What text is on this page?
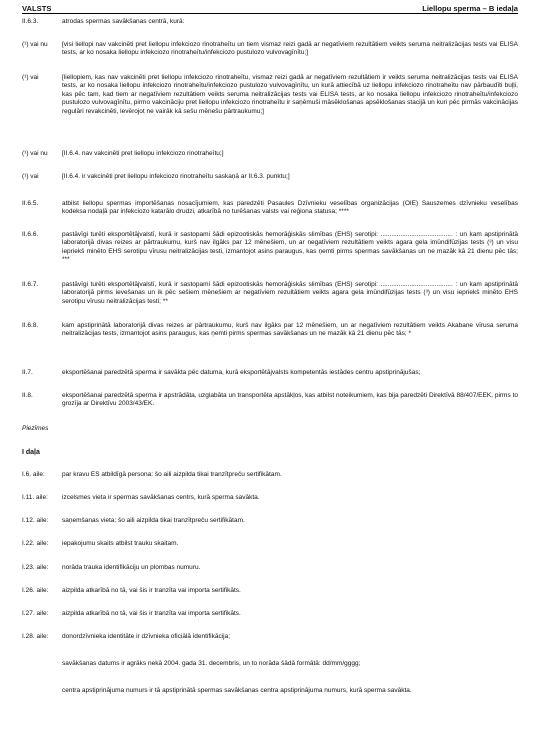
VALSTS	Liellopu sperma – B iedaļa
II.6.3.	atrodas spermas savākšanas centrā, kurā:
(¹) vai nu	[visi liellopi nav vakcinēti pret liellopu infekciozo rinotraheītu un tiem vismaz reizi gadā ar negatīviem rezultātiem veikts seruma neitralizācijas tests vai ELISA tests, ar ko nosaka liellopu infekciozo rinotraheītu/infekciozo pustulozo vulvovagīnītu;]
(¹) vai	[liellopiem, kas nav vakcinēti pret liellopu infekciozo rinotraheītu, vismaz reizi gadā ar negatīviem rezultātiem ir veikts seruma neitralizācijas tests vai ELISA tests, ar ko nosaka liellopu infekciozo rinotraheītu/infekciozo pustulozo vulvovagīnītu, un kurā attiecībā uz liellopu infekciozo rinotraheītu nav pārbaudīti buļļi, kas pēc tam, kad tiem ar negatīviem rezultātiem veikts seruma neitralizācijas tests vai ELISA tests, ar ko nosaka liellopu infekciozo rinotraheītu/infekciozo pustulozo vulvovagīnītu, pirmo vakcināciju pret liellopu infekciozo rinotraheītu ir saņēmuši māsēklošanas apsēklošanas stacijā un kuri pēc pirmās vakcinācijas regulāri revakcinēti, levērojot ne vairāk kā sešu mēnešu pārtraukumu;]
(¹) vai nu	[II.6.4. nav vakcinēti pret liellopu infekciozo rinotraheītu;]
(¹) vai	[II.6.4. ir vakcinēti pret liellopu infekciozo rinotraheītu saskaņā ar II.6.3. punktu;]
II.6.5.	atbilst liellopu spermas importēšanas nosacījumiem, kas paredzēti Pasaules Dzīvnieku veselības organizācijas (OIE) Sauszemes dzīvnieku veselības kodeksa nodaļā par infekciozo katarālo drudzi, atkarībā no turēšanas valsts vai reģiona statusa; ****
II.6.6.	pastāvīgi turēti eksportētājvalstī, kurā ir sastopami šādi epizootiskās hemorāģiskās slimības (EHS) serotipi: ........................................ : un kam apstiprinātā laboratorijā divas reizes ar pārtraukumu, kurš nav ilgāks par 12 mēnešiem, un ar negatīviem rezultātiem veikts agara gela imūndifūzijas tests (³) un visu iepriekš minēto EHS serotipu vīrusu neitralizācijas testi, izmantojot asins paraugus, kas ņemti pirms spermas savākšanas un ne mazāk kā 21 dienu pēc tās; ***
II.6.7.	pastāvīgi turēti eksportētājvalstī, kurā ir sastopami šādi epizootiskās hemorāģiskās slimības (EHS) serotipi: ........................................ : un kam apstiprinātā laboratorijā pirms ievešanas un ik pēc sešiem mēnešiem ar negatīviem rezultātiem veikts agara gela imūndifūzijas tests (³) un visu iepriekš minēto EHS serotipu vīrusu neitralizācijas testi; **
II.6.8.	kam apstiprinātā laboratorijā divas reizes ar pārtraukumu, kurš nav ilgāks par 12 mēnešiem, un ar negatīviem rezultātiem veikts Akabane vīrusa seruma neitralizācijas tests, izmantojot asins paraugus, kas ņemti pirms spermas savākšanas un ne mazāk kā 21 dienu pēc tās; *
II.7.	eksportēšanai paredzētā sperma ir savākta pēc datuma, kurā eksportētājvalsts kompetentās iestādes centru apstiprinājušas;
II.8.	eksportēšanai paredzētā sperma ir apstrādāta, uzglabāta un transportēta apstākļos, kas atbilst noteikumiem, kas bija paredzēti Direktīvā 88/407/EEK, pirms to grozīja ar Direktīvu 2003/43/EK.
Piezīmes
I daļa
I.6. aile:	par kravu ES atbildīgā persona: šo aili aizpilda tikai tranzītpreču sertifikātam.
I.11. aile:	izcelsmes vieta ir spermas savākšanas centrs, kurā sperma savākta.
I.12. aile:	saņemšanas vieta: šo aili aizpilda tikai tranzītpreču sertifikātam.
I.22. aile:	iepakojumu skaits atbilst trauku skaitam.
I.23. aile:	norāda trauka identifikāciju un plombas numuru.
I.26. aile:	aizpilda atkarībā no tā, vai šis ir tranzīta vai importa sertifikāts.
I.27. aile:	aizpilda atkarībā no tā, vai šis ir tranzīta vai importa sertifikāts.
I.28. aile:	donordzīvnieka identitāte ir dzīvnieka oficiālā identifikācija;
savākšanas datums ir agrāks nekā 2004. gada 31. decembris, un to norāda šādā formātā: dd/mm/gggg;
centra apstiprinājuma numurs ir tā apstiprinātā spermas savākšanas centra apstiprinājuma numurs, kurā sperma savākta.
